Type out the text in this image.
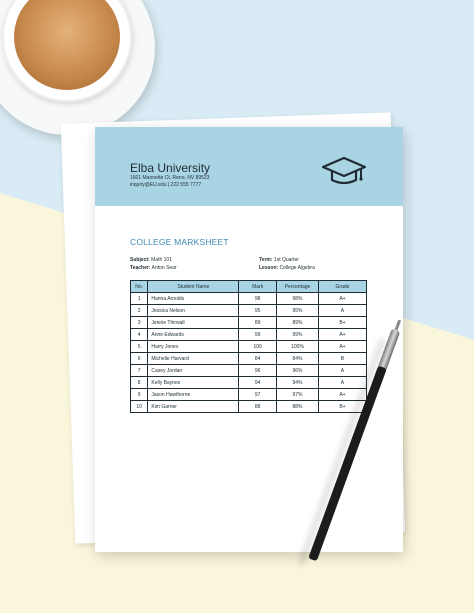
Elba University
1601 Mannette Ct, Reno, NV 89523
inquiry@EU.edu | 222 555 7777
COLLEGE MARKSHEET
Subject: Math 101
Teacher: Anton Sear
Term: 1st Quarter
Lesson: College Algebra
No.	Student Name	Mark	Percentage	Grade
1	Hanna Arnolds	98	98%	A+
2	Jessica Nelson	95	95%	A
3	Jennie Thirwall	89	89%	B+
4	Anne Edwards	99	99%	A+
5	Harry Jones	100	100%	A+
6	Michelle Harvard	84	84%	B
7	Casey Jordan	96	96%	A
8	Kelly Baynes	94	94%	A
9	Jason Hawthorne	97	97%	A+
10	Kim Garner	88	88%	B+
